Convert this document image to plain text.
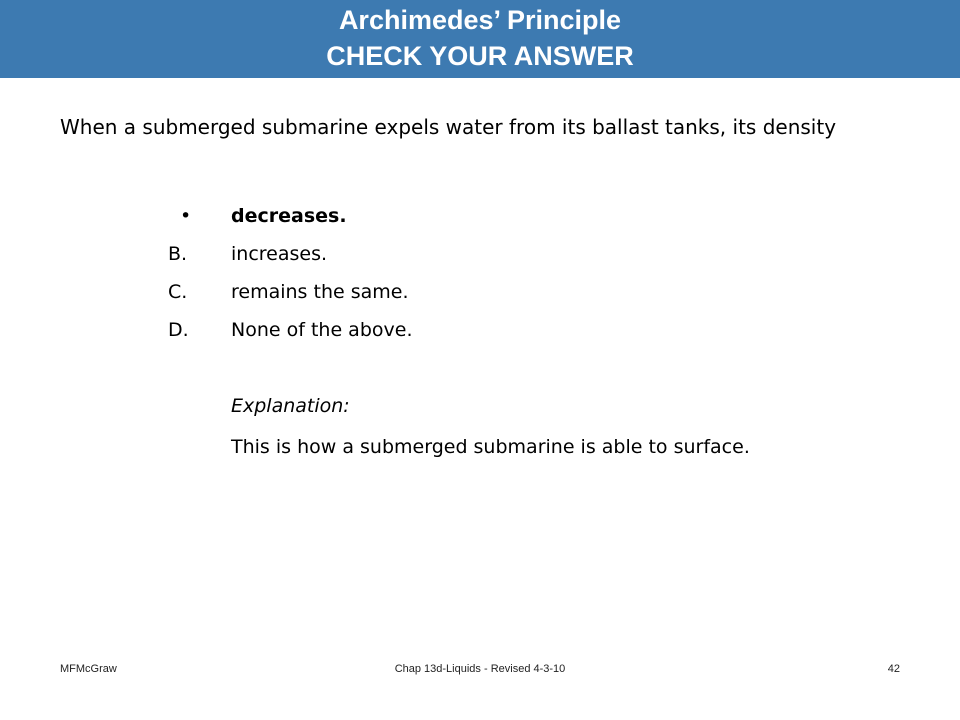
Archimedes’ Principle
CHECK YOUR ANSWER
When a submerged submarine expels water from its ballast tanks, its density
•	decreases.
B.	increases.
C.	remains the same.
D.	None of the above.
Explanation:
This is how a submerged submarine is able to surface.
MFMcGraw	Chap 13d-Liquids - Revised 4-3-10	42
